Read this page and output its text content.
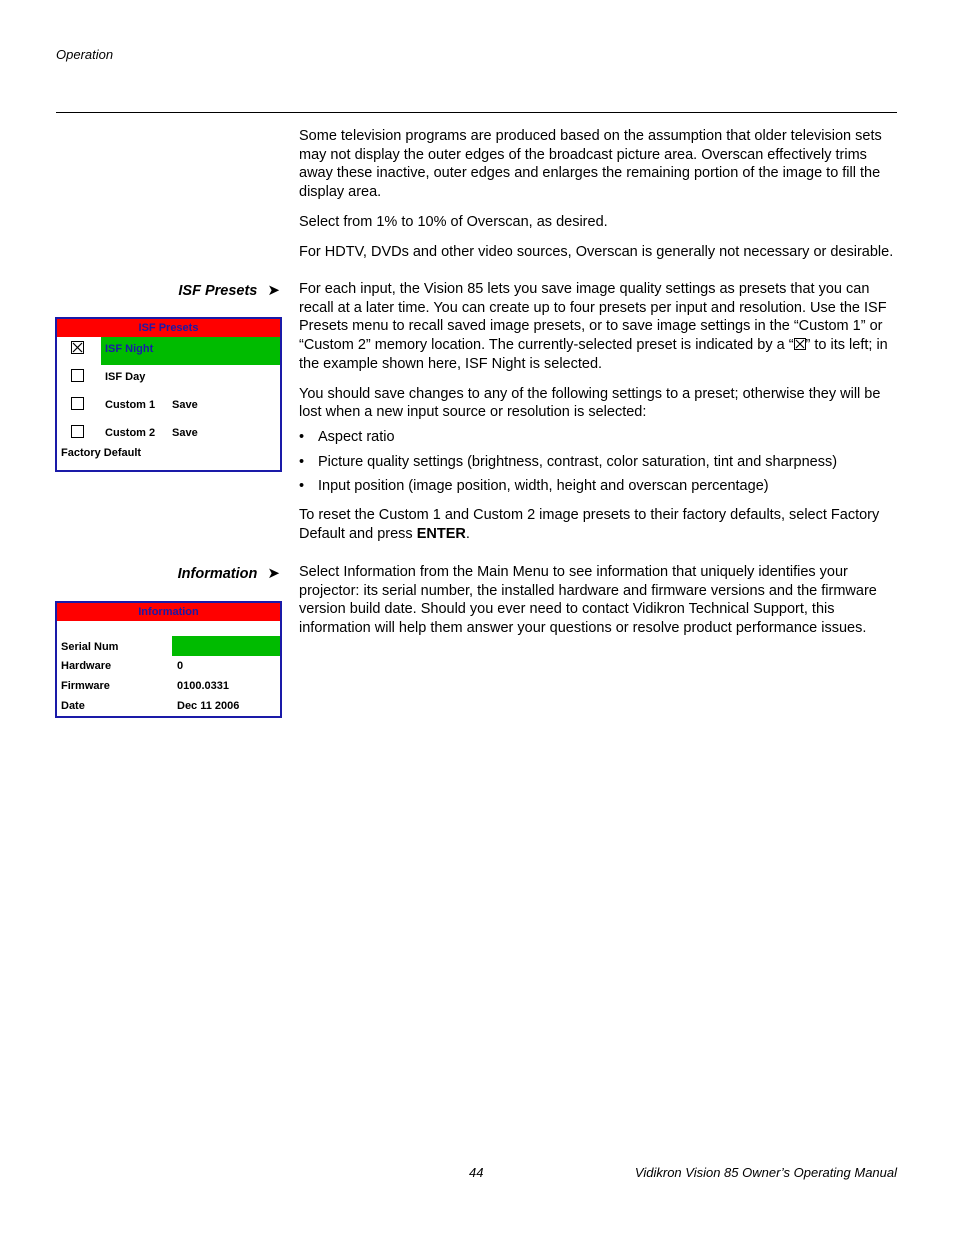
Operation

Some television programs are produced based on the assumption that older television sets may not display the outer edges of the broadcast picture area. Overscan effectively trims away these inactive, outer edges and enlarges the remaining portion of the image to fill the display area.

Select from 1% to 10% of Overscan, as desired.

For HDTV, DVDs and other video sources, Overscan is generally not necessary or desirable.

ISF Presets ➤
ISF Presets
ISF Night
ISF Day
Custom 1 Save
Custom 2 Save
Factory Default

For each input, the Vision 85 lets you save image quality settings as presets that you can recall at a later time. You can create up to four presets per input and resolution. Use the ISF Presets menu to recall saved image presets, or to save image settings in the “Custom 1” or “Custom 2” memory location. The currently-selected preset is indicated by a “ ” to its left; in the example shown here, ISF Night is selected.

You should save changes to any of the following settings to a preset; otherwise they will be lost when a new input source or resolution is selected:

• Aspect ratio
• Picture quality settings (brightness, contrast, color saturation, tint and sharpness)
• Input position (image position, width, height and overscan percentage)

To reset the Custom 1 and Custom 2 image presets to their factory defaults, select Factory Default and press ENTER.

Information ➤
Information
Serial Num
Hardware	0
Firmware	0100.0331
Date	Dec 11 2006

Select Information from the Main Menu to see information that uniquely identifies your projector: its serial number, the installed hardware and firmware versions and the firmware version build date. Should you ever need to contact Vidikron Technical Support, this information will help them answer your questions or resolve product performance issues.

44	Vidikron Vision 85 Owner’s Operating Manual
